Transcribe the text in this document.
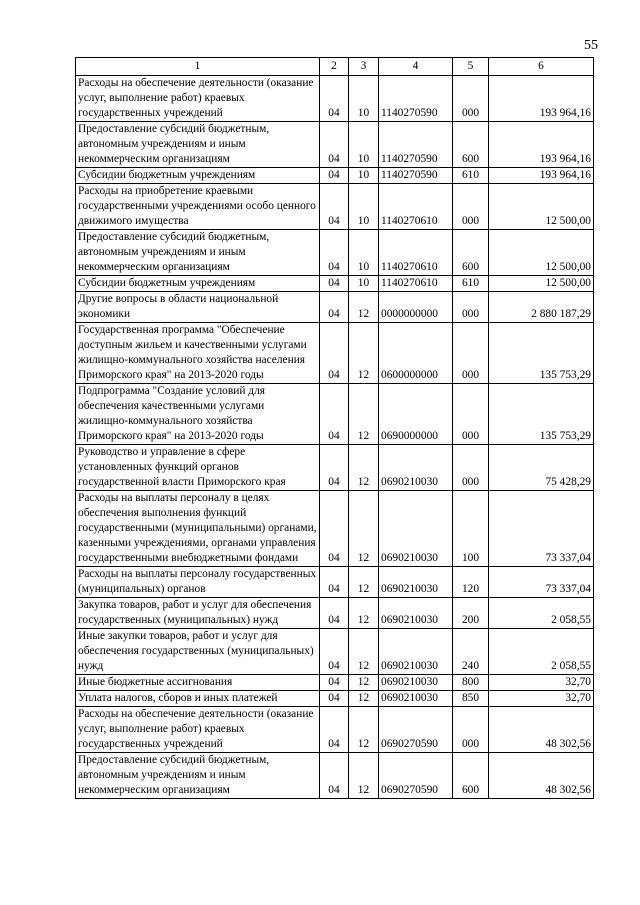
55
1	2	3	4	5	6
Расходы на обеспечение деятельности (оказание услуг, выполнение работ) краевых государственных учреждений	04	10	1140270590	000	193 964,16
Предоставление субсидий бюджетным, автономным учреждениям и иным некоммерческим организациям	04	10	1140270590	600	193 964,16
Субсидии бюджетным учреждениям	04	10	1140270590	610	193 964,16
Расходы на приобретение краевыми государственными учреждениями особо ценного движимого имущества	04	10	1140270610	000	12 500,00
Предоставление субсидий бюджетным, автономным учреждениям и иным некоммерческим организациям	04	10	1140270610	600	12 500,00
Субсидии бюджетным учреждениям	04	10	1140270610	610	12 500,00
Другие вопросы в области национальной экономики	04	12	0000000000	000	2 880 187,29
Государственная программа "Обеспечение доступным жильем и качественными услугами жилищно-коммунального хозяйства населения Приморского края" на 2013-2020 годы	04	12	0600000000	000	135 753,29
Подпрограмма "Создание условий для обеспечения качественными услугами жилищно-коммунального хозяйства Приморского края" на 2013-2020 годы	04	12	0690000000	000	135 753,29
Руководство и управление в сфере установленных функций органов государственной власти Приморского края	04	12	0690210030	000	75 428,29
Расходы на выплаты персоналу в целях обеспечения выполнения функций государственными (муниципальными) органами, казенными учреждениями, органами управления государственными внебюджетными фондами	04	12	0690210030	100	73 337,04
Расходы на выплаты персоналу государственных (муниципальных) органов	04	12	0690210030	120	73 337,04
Закупка товаров, работ и услуг для обеспечения государственных (муниципальных) нужд	04	12	0690210030	200	2 058,55
Иные закупки товаров, работ и услуг для обеспечения государственных (муниципальных) нужд	04	12	0690210030	240	2 058,55
Иные бюджетные ассигнования	04	12	0690210030	800	32,70
Уплата налогов, сборов и иных платежей	04	12	0690210030	850	32,70
Расходы на обеспечение деятельности (оказание услуг, выполнение работ) краевых государственных учреждений	04	12	0690270590	000	48 302,56
Предоставление субсидий бюджетным, автономным учреждениям и иным некоммерческим организациям	04	12	0690270590	600	48 302,56
